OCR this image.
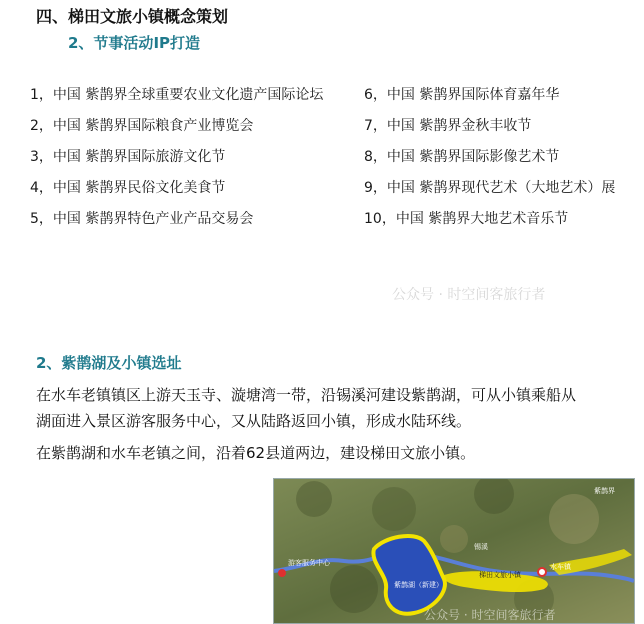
四、梯田文旅小镇概念策划
2、节事活动IP打造
1，中国 紫鹊界全球重要农业文化遗产国际论坛
2，中国 紫鹊界国际粮食产业博览会
3，中国 紫鹊界国际旅游文化节
4，中国 紫鹊界民俗文化美食节
5，中国 紫鹊界特色产业产品交易会
6，中国 紫鹊界国际体育嘉年华
7，中国 紫鹊界金秋丰收节
8，中国 紫鹊界国际影像艺术节
9，中国 紫鹊界现代艺术（大地艺术）展
10，中国 紫鹊界大地艺术音乐节
公众号 · 时空间客旅行者
2、紫鹊湖及小镇选址
在水车老镇镇区上游天玉寺、漩塘湾一带，沿锡溪河建设紫鹊湖，可从小镇乘船从
湖面进入景区游客服务中心，又从陆路返回小镇，形成水陆环线。
在紫鹊湖和水车老镇之间，沿着62县道两边，建设梯田文旅小镇。
紫鹊湖（新建）
梯田文旅小镇
水车镇
游客服务中心
锡溪
紫鹊界
公众号 · 时空间客旅行者
